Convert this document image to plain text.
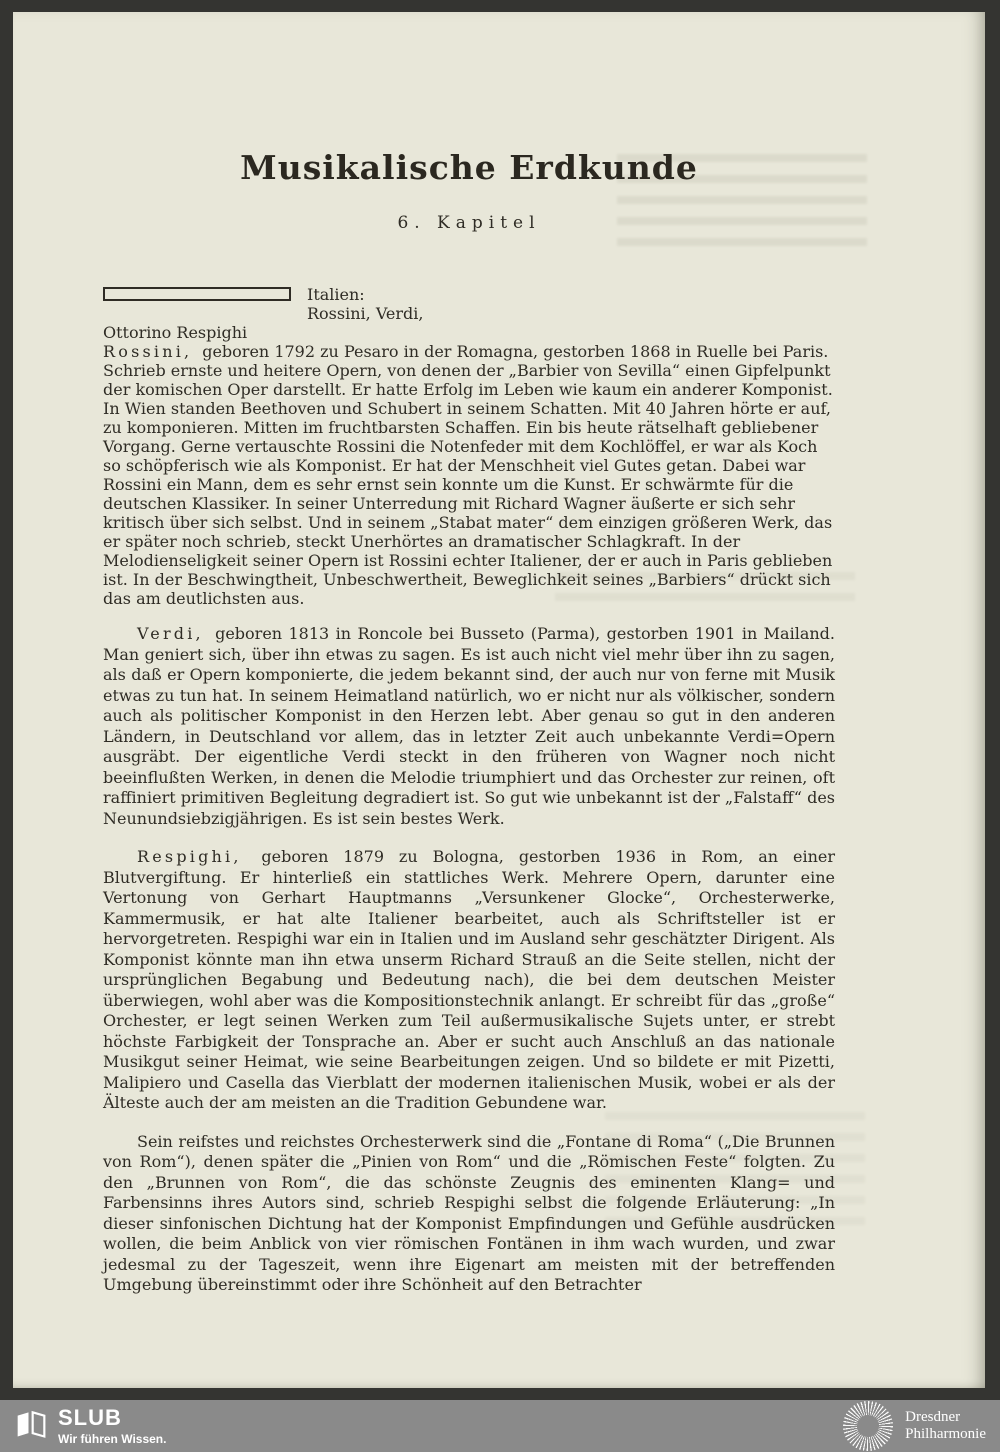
Musikalische Erdkunde
6. Kapitel

Italien:
Rossini, Verdi,
Ottorino Respighi
Rossini, geboren 1792 zu Pesaro in der Romagna, gestorben 1868 in Ruelle bei Paris. Schrieb ernste und heitere Opern, von denen der „Barbier von Sevilla“ einen Gipfelpunkt der komischen Oper darstellt. Er hatte Erfolg im Leben wie kaum ein anderer Komponist. In Wien standen Beethoven und Schubert in seinem Schatten. Mit 40 Jahren hörte er auf, zu komponieren. Mitten im fruchtbarsten Schaffen. Ein bis heute rätselhaft gebliebener Vorgang. Gerne vertauschte Rossini die Notenfeder mit dem Kochlöffel, er war als Koch so schöpferisch wie als Komponist. Er hat der Menschheit viel Gutes getan. Dabei war Rossini ein Mann, dem es sehr ernst sein konnte um die Kunst. Er schwärmte für die deutschen Klassiker. In seiner Unterredung mit Richard Wagner äußerte er sich sehr kritisch über sich selbst. Und in seinem „Stabat mater“ dem einzigen größeren Werk, das er später noch schrieb, steckt Unerhörtes an dramatischer Schlagkraft. In der Melodienseligkeit seiner Opern ist Rossini echter Italiener, der er auch in Paris geblieben ist. In der Beschwingtheit, Unbeschwertheit, Beweglichkeit seines „Barbiers“ drückt sich das am deutlichsten aus.

Verdi, geboren 1813 in Roncole bei Busseto (Parma), gestorben 1901 in Mailand. Man geniert sich, über ihn etwas zu sagen. Es ist auch nicht viel mehr über ihn zu sagen, als daß er Opern komponierte, die jedem bekannt sind, der auch nur von ferne mit Musik etwas zu tun hat. In seinem Heimatland natürlich, wo er nicht nur als völkischer, sondern auch als politischer Komponist in den Herzen lebt. Aber genau so gut in den anderen Ländern, in Deutschland vor allem, das in letzter Zeit auch unbekannte Verdi=Opern ausgräbt. Der eigentliche Verdi steckt in den früheren von Wagner noch nicht beeinflußten Werken, in denen die Melodie triumphiert und das Orchester zur reinen, oft raffiniert primitiven Begleitung degradiert ist. So gut wie unbekannt ist der „Falstaff“ des Neunundsiebzigjährigen. Es ist sein bestes Werk.

Respighi, geboren 1879 zu Bologna, gestorben 1936 in Rom, an einer Blutvergiftung. Er hinterließ ein stattliches Werk. Mehrere Opern, darunter eine Vertonung von Gerhart Hauptmanns „Versunkener Glocke“, Orchesterwerke, Kammermusik, er hat alte Italiener bearbeitet, auch als Schriftsteller ist er hervorgetreten. Respighi war ein in Italien und im Ausland sehr geschätzter Dirigent. Als Komponist könnte man ihn etwa unserm Richard Strauß an die Seite stellen, nicht der ursprünglichen Begabung und Bedeutung nach), die bei dem deutschen Meister überwiegen, wohl aber was die Kompositionstechnik anlangt. Er schreibt für das „große“ Orchester, er legt seinen Werken zum Teil außermusikalische Sujets unter, er strebt höchste Farbigkeit der Tonsprache an. Aber er sucht auch Anschluß an das nationale Musikgut seiner Heimat, wie seine Bearbeitungen zeigen. Und so bildete er mit Pizetti, Malipiero und Casella das Vierblatt der modernen italienischen Musik, wobei er als der Älteste auch der am meisten an die Tradition Gebundene war.

Sein reifstes und reichstes Orchesterwerk sind die „Fontane di Roma“ („Die Brunnen von Rom“), denen später die „Pinien von Rom“ und die „Römischen Feste“ folgten. Zu den „Brunnen von Rom“, die das schönste Zeugnis des eminenten Klang= und Farbensinns ihres Autors sind, schrieb Respighi selbst die folgende Erläuterung: „In dieser sinfonischen Dichtung hat der Komponist Empfindungen und Gefühle ausdrücken wollen, die beim Anblick von vier römischen Fontänen in ihm wach wurden, und zwar jedesmal zu der Tageszeit, wenn ihre Eigenart am meisten mit der betreffenden Umgebung übereinstimmt oder ihre Schönheit auf den Betrachter

SLUB
Wir führen Wissen.
Dresdner
Philharmonie
